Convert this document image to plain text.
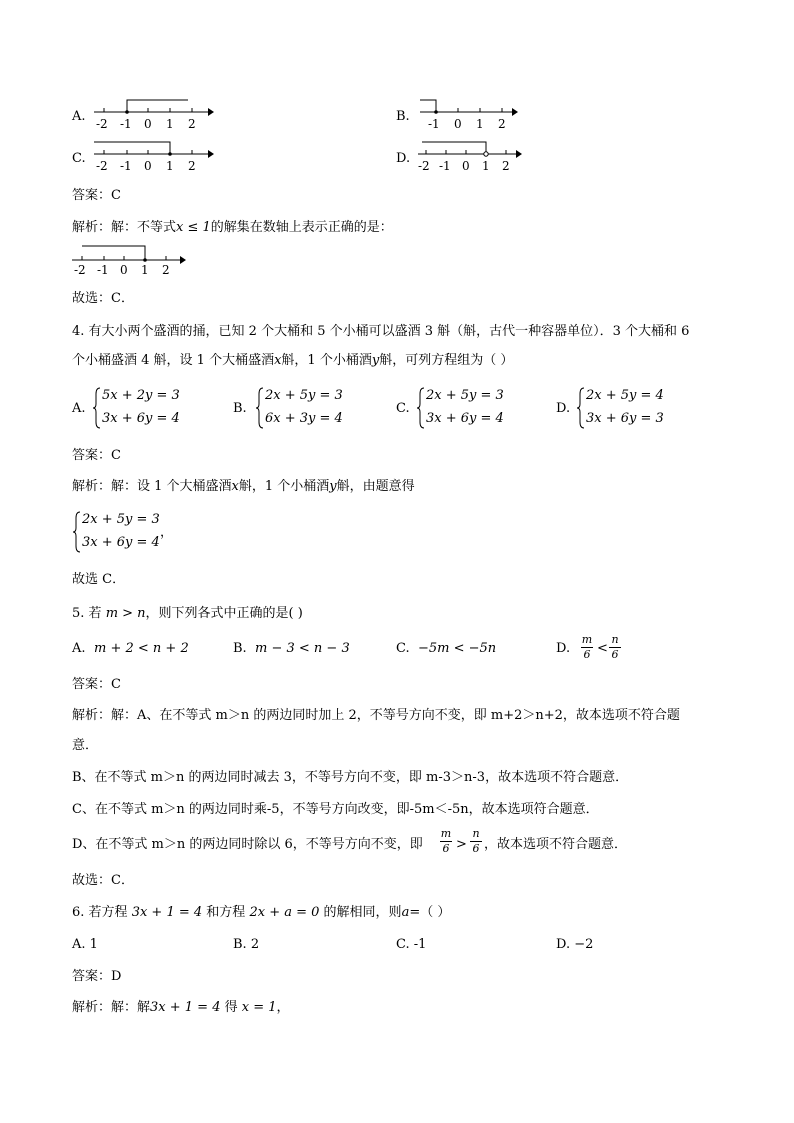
A. -2 -1 0 1 2	B. -1 0 1 2
C. -2 -1 0 1 2	D. -2 -1 0 1 2
答案：C
解析：解：不等式x ≤ 1的解集在数轴上表示正确的是：
-2 -1 0 1 2
故选：C．
4. 有大小两个盛酒的捅，已知 2 个大桶和 5 个小桶可以盛酒 3 斛（斛，古代一种容器单位）．3 个大桶和 6
个小桶盛酒 4 斛，设 1 个大桶盛酒x斛，1 个小桶酒y斛，可列方程组为（ ）
A.
5x + 2y = 3
3x + 6y = 4
B.
2x + 5y = 3
6x + 3y = 4
C.
2x + 5y = 3
3x + 6y = 4
D.
2x + 5y = 4
3x + 6y = 3
答案：C
解析：解：设 1 个大桶盛酒x斛，1 个小桶酒y斛，由题意得
2x + 5y = 3
3x + 6y = 4
，
故选 C．
5. 若 m > n，则下列各式中正确的是( )
A. m + 2 < n + 2	B. m − 3 < n − 3	C. −5m < −5n	D.
m
6 <
n
6
答案：C
解析：解：A、在不等式 m＞n 的两边同时加上 2，不等号方向不变，即 m+2＞n+2，故本选项不符合题
意．
B、在不等式 m＞n 的两边同时减去 3，不等号方向不变，即 m-3＞n-3，故本选项不符合题意．
C、在不等式 m＞n 的两边同时乘-5，不等号方向改变，即-5m＜-5n，故本选项符合题意．
D、在不等式 m＞n 的两边同时除以 6，不等号方向不变，即
m
6 >
n
6 ，故本选项不符合题意．
故选：C．
6. 若方程 3x + 1 = 4 和方程 2x + a = 0 的解相同，则a=（ ）
A. 1	B. 2	C. -1	D. −2
答案：D
解析：解：解3x + 1 = 4 得 x = 1，
